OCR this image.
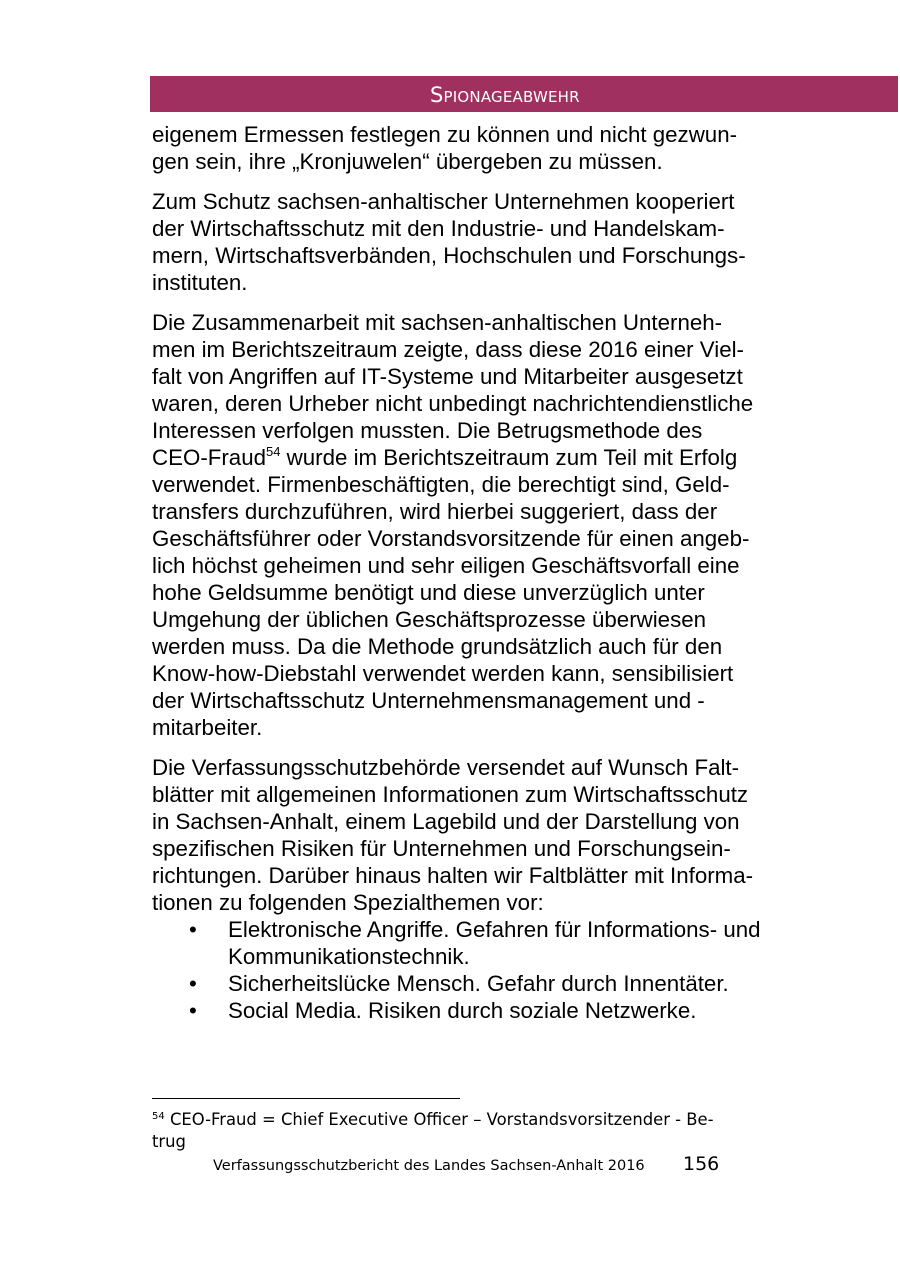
Spionageabwehr

eigenem Ermessen festlegen zu können und nicht gezwun-
gen sein, ihre „Kronjuwelen“ übergeben zu müssen.

Zum Schutz sachsen-anhaltischer Unternehmen kooperiert
der Wirtschaftsschutz mit den Industrie- und Handelskam-
mern, Wirtschaftsverbänden, Hochschulen und Forschungs-
instituten.

Die Zusammenarbeit mit sachsen-anhaltischen Unterneh-
men im Berichtszeitraum zeigte, dass diese 2016 einer Viel-
falt von Angriffen auf IT-Systeme und Mitarbeiter ausgesetzt
waren, deren Urheber nicht unbedingt nachrichtendienstliche
Interessen verfolgen mussten. Die Betrugsmethode des
CEO-Fraud$^{54}$ wurde im Berichtszeitraum zum Teil mit Erfolg
verwendet. Firmenbeschäftigten, die berechtigt sind, Geld-
transfers durchzuführen, wird hierbei suggeriert, dass der
Geschäftsführer oder Vorstandsvorsitzende für einen angeb-
lich höchst geheimen und sehr eiligen Geschäftsvorfall eine
hohe Geldsumme benötigt und diese unverzüglich unter
Umgehung der üblichen Geschäftsprozesse überwiesen
werden muss. Da die Methode grundsätzlich auch für den
Know-how-Diebstahl verwendet werden kann, sensibilisiert
der Wirtschaftsschutz Unternehmensmanagement und -
mitarbeiter.

Die Verfassungsschutzbehörde versendet auf Wunsch Falt-
blätter mit allgemeinen Informationen zum Wirtschaftsschutz
in Sachsen-Anhalt, einem Lagebild und der Darstellung von
spezifischen Risiken für Unternehmen und Forschungsein-
richtungen. Darüber hinaus halten wir Faltblätter mit Informa-
tionen zu folgenden Spezialthemen vor:

• Elektronische Angriffe. Gefahren für Informations- und
Kommunikationstechnik.
• Sicherheitslücke Mensch. Gefahr durch Innentäter.
• Social Media. Risiken durch soziale Netzwerke.
$^{54}$ CEO-Fraud = Chief Executive Officer – Vorstandsvorsitzender - Be-
trug
Verfassungsschutzbericht des Landes Sachsen-Anhalt 2016	156
